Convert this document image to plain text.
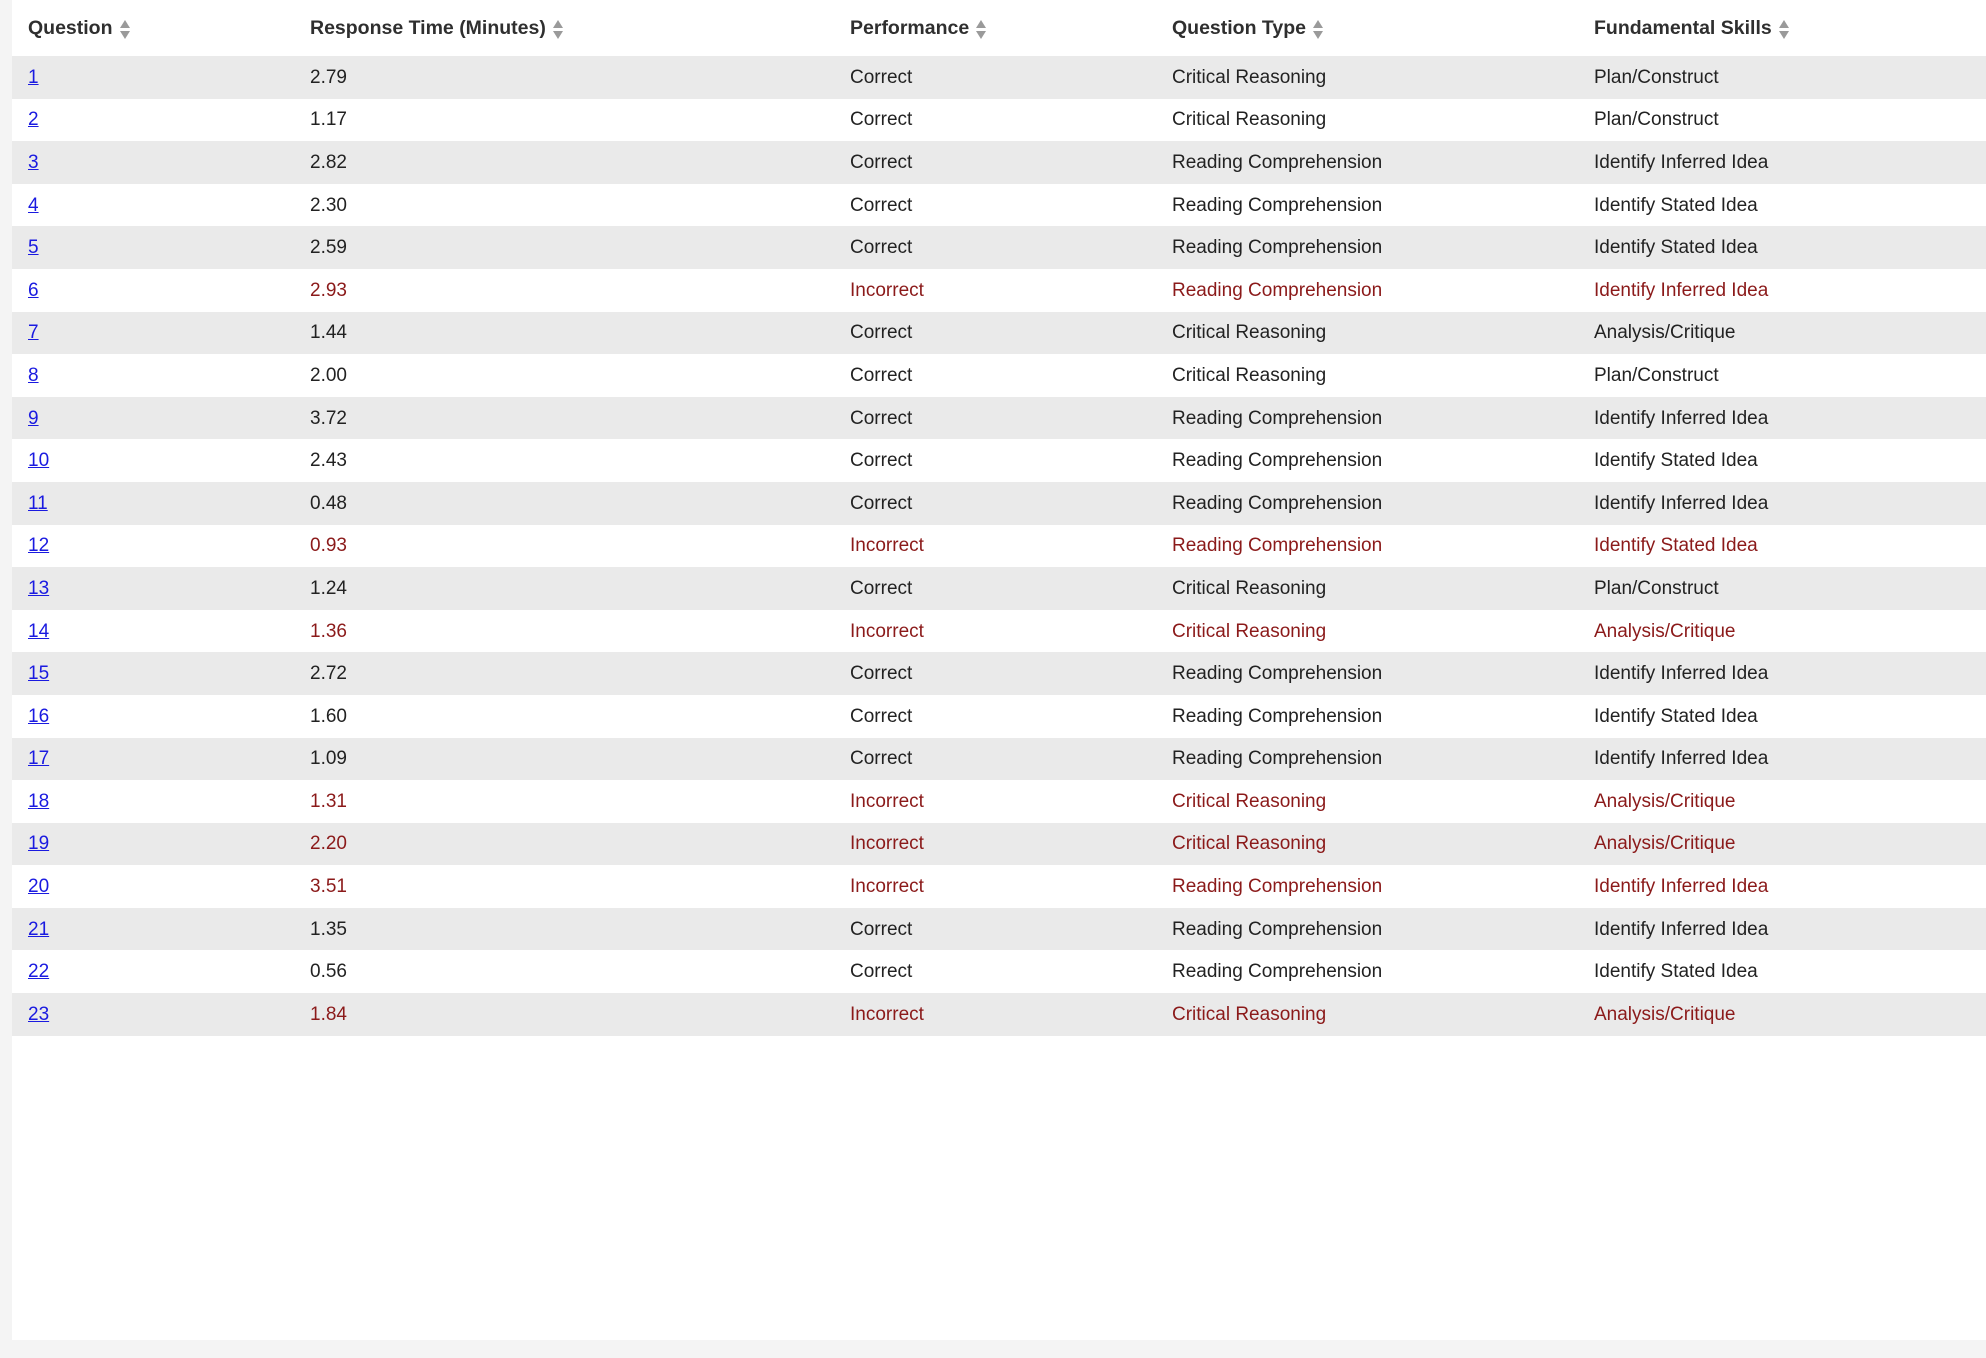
Question	Response Time (Minutes)	Performance	Question Type	Fundamental Skills

1	2.79	Correct	Critical Reasoning	Plan/Construct
2	1.17	Correct	Critical Reasoning	Plan/Construct
3	2.82	Correct	Reading Comprehension	Identify Inferred Idea
4	2.30	Correct	Reading Comprehension	Identify Stated Idea
5	2.59	Correct	Reading Comprehension	Identify Stated Idea
6	2.93	Incorrect	Reading Comprehension	Identify Inferred Idea
7	1.44	Correct	Critical Reasoning	Analysis/Critique
8	2.00	Correct	Critical Reasoning	Plan/Construct
9	3.72	Correct	Reading Comprehension	Identify Inferred Idea
10	2.43	Correct	Reading Comprehension	Identify Stated Idea
11	0.48	Correct	Reading Comprehension	Identify Inferred Idea
12	0.93	Incorrect	Reading Comprehension	Identify Stated Idea
13	1.24	Correct	Critical Reasoning	Plan/Construct
14	1.36	Incorrect	Critical Reasoning	Analysis/Critique
15	2.72	Correct	Reading Comprehension	Identify Inferred Idea
16	1.60	Correct	Reading Comprehension	Identify Stated Idea
17	1.09	Correct	Reading Comprehension	Identify Inferred Idea
18	1.31	Incorrect	Critical Reasoning	Analysis/Critique
19	2.20	Incorrect	Critical Reasoning	Analysis/Critique
20	3.51	Incorrect	Reading Comprehension	Identify Inferred Idea
21	1.35	Correct	Reading Comprehension	Identify Inferred Idea
22	0.56	Correct	Reading Comprehension	Identify Stated Idea
23	1.84	Incorrect	Critical Reasoning	Analysis/Critique
